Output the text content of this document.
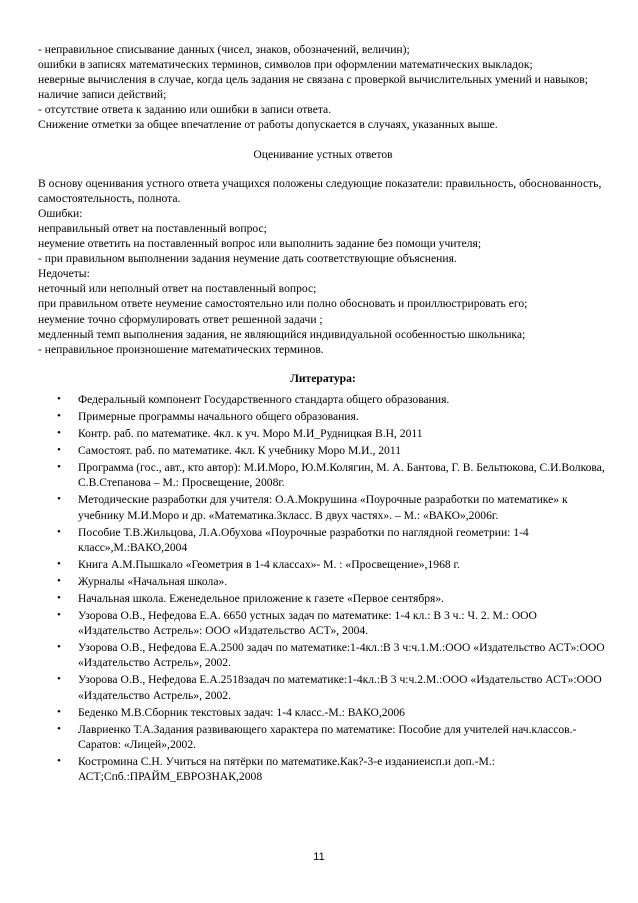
- неправильное списывание данных (чисел, знаков, обозначений, величин);

ошибки в записях математических терминов, символов при оформлении математических выкладок;

неверные вычисления в случае, когда цель задания не связана с проверкой вычислительных умений и навыков;

наличие записи действий;

- отсутствие ответа к заданию или ошибки в записи ответа.

Снижение отметки за общее впечатление от работы допускается в случаях, указанных выше.

Оценивание устных ответов

В основу оценивания устного ответа учащихся положены следующие показатели: правильность, обоснованность, самостоятельность, полнота.

Ошибки:

неправильный ответ на поставленный вопрос;

неумение ответить на поставленный вопрос или выполнить задание без помощи учителя;

- при правильном выполнении задания неумение дать соответствующие объяснения.

Недочеты:

неточный или неполный ответ на поставленный вопрос;

при правильном ответе неумение самостоятельно или полно обосновать и проиллюстрировать его;

неумение точно сформулировать ответ решенной задачи ;

медленный темп выполнения задания, не являющийся индивидуальной особенностью школьника;

- неправильное произношение математических терминов.

Литература:

• Федеральный компонент Государственного стандарта общего образования.
• Примерные программы начального общего образования.
• Контр. раб. по математике. 4кл. к уч. Моро М.И_Рудницкая В.Н, 2011
• Самостоят. раб. по математике. 4кл. К учебнику Моро М.И., 2011
• Программа (гос., авт., кто автор): М.И.Моро, Ю.М.Колягин, М. А. Бантова, Г. В. Бельтюкова, С.И.Волкова, С.В.Степанова – М.: Просвещение, 2008г.
• Методические разработки для учителя: О.А.Мокрушина «Поурочные разработки по математике» к учебнику М.И.Моро и др. «Математика.3класс. В двух частях». – М.: «ВАКО»,2006г.
• Пособие Т.В.Жильцова, Л.А.Обухова «Поурочные разработки по наглядной геометрии: 1-4 класс»,М.:ВАКО,2004
• Книга А.М.Пышкало «Геометрия в 1-4 классах»- М. : «Просвещение»,1968 г.
• Журналы «Начальная школа».
• Начальная школа. Еженедельное приложение к газете «Первое сентября».
• Узорова О.В., Нефедова Е.А. 6650 устных задач по математике: 1-4 кл.: В 3 ч.: Ч. 2. М.: ООО «Издательство Астрель»: ООО «Издательство АСТ», 2004.
• Узорова О.В., Нефедова Е.А.2500 задач по математике:1-4кл.:В 3 ч:ч.1.М.:ООО «Издательство АСТ»:ООО «Издательство Астрель», 2002.
• Узорова О.В., Нефедова Е.А.2518задач по математике:1-4кл.:В 3 ч:ч.2.М.:ООО «Издательство АСТ»:ООО «Издательство Астрель», 2002.
• Беденко М.В.Сборник текстовых задач: 1-4 класс.-М.: ВАКО,2006
• Лавриенко Т.А.Задания развивающего характера по математике: Пособие для учителей нач.классов.-Саратов: «Лицей»,2002.
• Костромина С.Н. Учиться на пятёрки по математике.Как?-3-е изданиеисп.и доп.-М.: АСТ;Спб.:ПРАЙМ_ЕВРОЗНАК,2008
11
